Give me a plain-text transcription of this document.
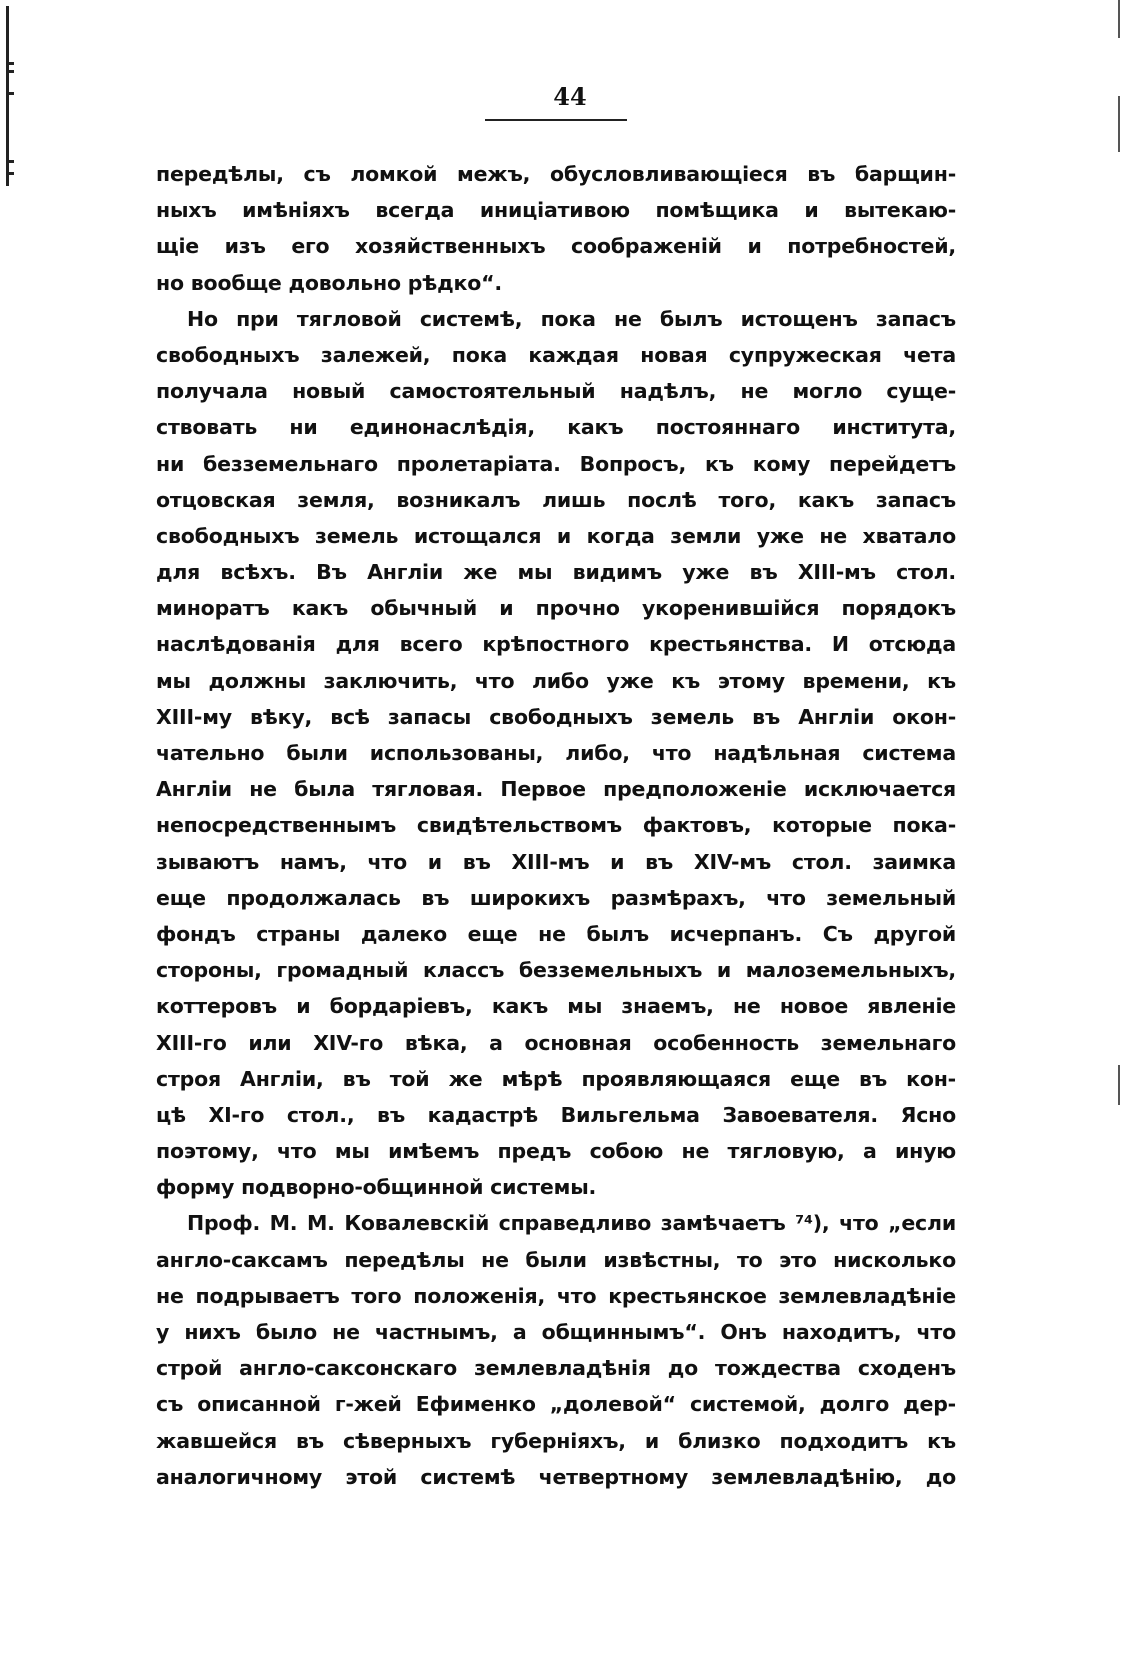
44
передѣлы, съ ломкой межъ, обусловливающіеся въ барщин-
ныхъ имѣніяхъ всегда иниціативою помѣщика и вытекаю-
щіе изъ его хозяйственныхъ соображеній и потребностей,
но вообще довольно рѣдко“.
Но при тягловой системѣ, пока не былъ истощенъ запасъ
свободныхъ залежей, пока каждая новая супружеская чета
получала новый самостоятельный надѣлъ, не могло суще-
ствовать ни единонаслѣдія, какъ постояннаго института,
ни безземельнаго пролетаріата. Вопросъ, къ кому перейдетъ
отцовская земля, возникалъ лишь послѣ того, какъ запасъ
свободныхъ земель истощался и когда земли уже не хватало
для всѣхъ. Въ Англіи же мы видимъ уже въ XIII-мъ стол.
миноратъ какъ обычный и прочно укоренившійся порядокъ
наслѣдованія для всего крѣпостного крестьянства. И отсюда
мы должны заключить, что либо уже къ этому времени, къ
XIII-му вѣку, всѣ запасы свободныхъ земель въ Англіи окон-
чательно были использованы, либо, что надѣльная система
Англіи не была тягловая. Первое предположеніе исключается
непосредственнымъ свидѣтельствомъ фактовъ, которые пока-
зываютъ намъ, что и въ XIII-мъ и въ XIV-мъ стол. заимка
еще продолжалась въ широкихъ размѣрахъ, что земельный
фондъ страны далеко еще не былъ исчерпанъ. Съ другой
стороны, громадный классъ безземельныхъ и малоземельныхъ,
коттеровъ и бордаріевъ, какъ мы знаемъ, не новое явленіе
XIII-го или XIV-го вѣка, а основная особенность земельнаго
строя Англіи, въ той же мѣрѣ проявляющаяся еще въ кон-
цѣ XI-го стол., въ кадастрѣ Вильгельма Завоевателя. Ясно
поэтому, что мы имѣемъ предъ собою не тягловую, а иную
форму подворно-общинной системы.
Проф. М. М. Ковалевскій справедливо замѣчаетъ ⁷⁴), что „если
англо-саксамъ передѣлы не были извѣстны, то это нисколько
не подрываетъ того положенія, что крестьянское землевладѣніе
у нихъ было не частнымъ, а общиннымъ“. Онъ находитъ, что
строй англо-саксонскаго землевладѣнія до тождества сходенъ
съ описанной г-жей Ефименко „долевой“ системой, долго дер-
жавшейся въ сѣверныхъ губерніяхъ, и близко подходитъ къ
аналогичному этой системѣ четвертному землевладѣнію, до
